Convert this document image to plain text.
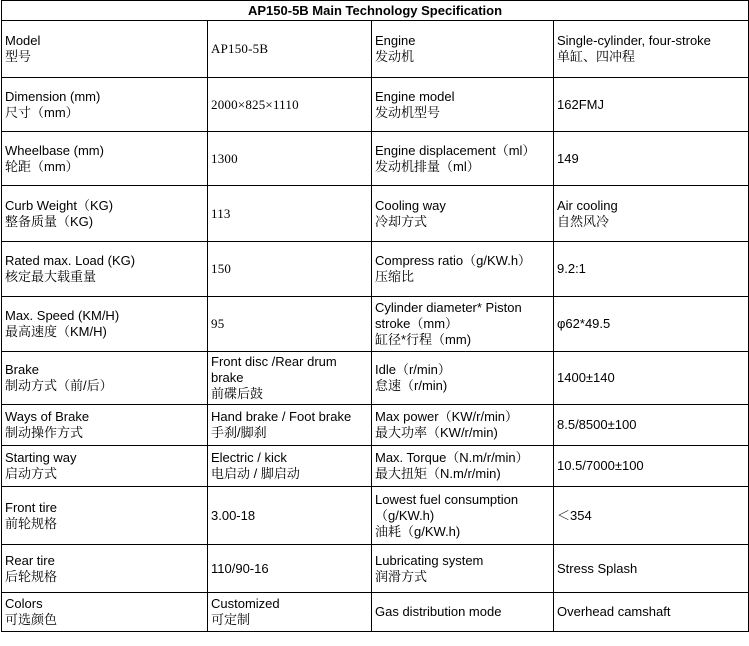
AP150-5B Main Technology Specification			

Model
型号	AP150-5B	Engine
发动机	Single-cylinder, four-stroke
单缸、四冲程

Dimension (mm)
尺寸（mm）	2000×825×1110	Engine model
发动机型号	162FMJ

Wheelbase (mm)
轮距（mm）	1300	Engine displacement（ml）
发动机排量（ml）	149

Curb Weight（KG)
整备质量（KG)	113	Cooling way
冷却方式	Air cooling
自然风冷

Rated max. Load (KG)
核定最大载重量	150	Compress ratio（g/KW.h）
压缩比	9.2:1

Max. Speed (KM/H)
最高速度（KM/H)	95	Cylinder diameter* Piston stroke（mm）
缸径*行程（mm)	φ62*49.5

Brake
制动方式（前/后）	Front disc /Rear drum brake
前碟后鼓	Idle（r/min）
怠速（r/min)	1400±140

Ways of Brake
制动操作方式	Hand brake / Foot brake
手刹/脚刹	Max power（KW/r/min）
最大功率（KW/r/min)	8.5/8500±100

Starting way
启动方式	Electric / kick
电启动 / 脚启动	Max. Torque（N.m/r/min）
最大扭矩（N.m/r/min)	10.5/7000±100

Front tire
前轮规格	3.00-18	Lowest fuel consumption（g/KW.h)
油耗（g/KW.h)	＜354

Rear tire
后轮规格	110/90-16	Lubricating system
润滑方式	Stress Splash

Colors
可选颜色	Customized
可定制	Gas distribution mode	Overhead camshaft
